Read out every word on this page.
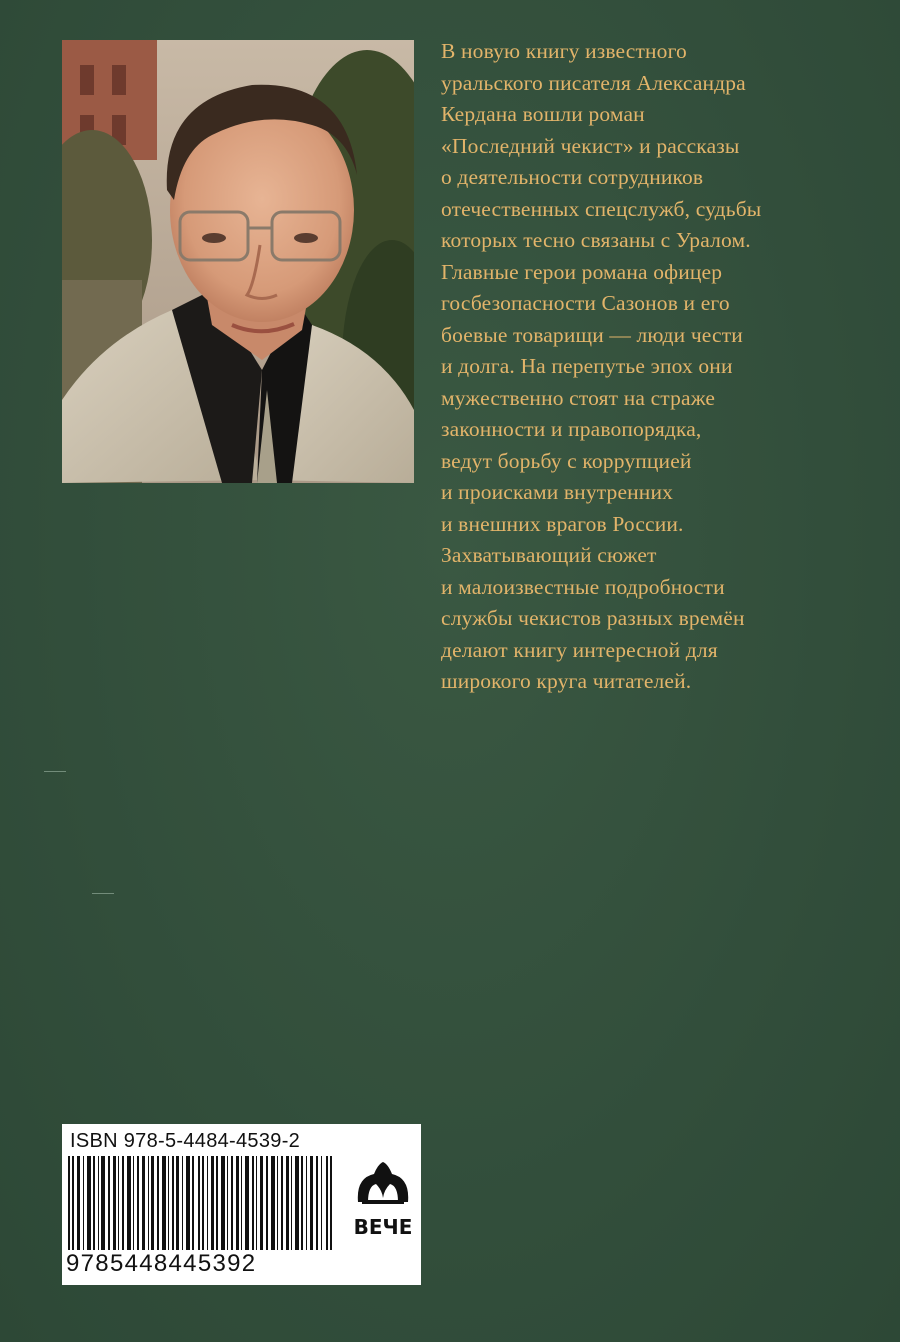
В новую книгу известного
уральского писателя Александра
Кердана вошли роман
«Последний чекист» и рассказы
о деятельности сотрудников
отечественных спецслужб, судьбы
которых тесно связаны с Уралом.
Главные герои романа офицер
госбезопасности Сазонов и его
боевые товарищи — люди чести
и долга. На перепутье эпох они
мужественно стоят на страже
законности и правопорядка,
ведут борьбу с коррупцией
и происками внутренних
и внешних врагов России.
Захватывающий сюжет
и малоизвестные подробности
службы чекистов разных времён
делают книгу интересной для
широкого круга читателей.
ISBN 978-5-4484-4539-2
9785448445392
ВЕЧЕ
